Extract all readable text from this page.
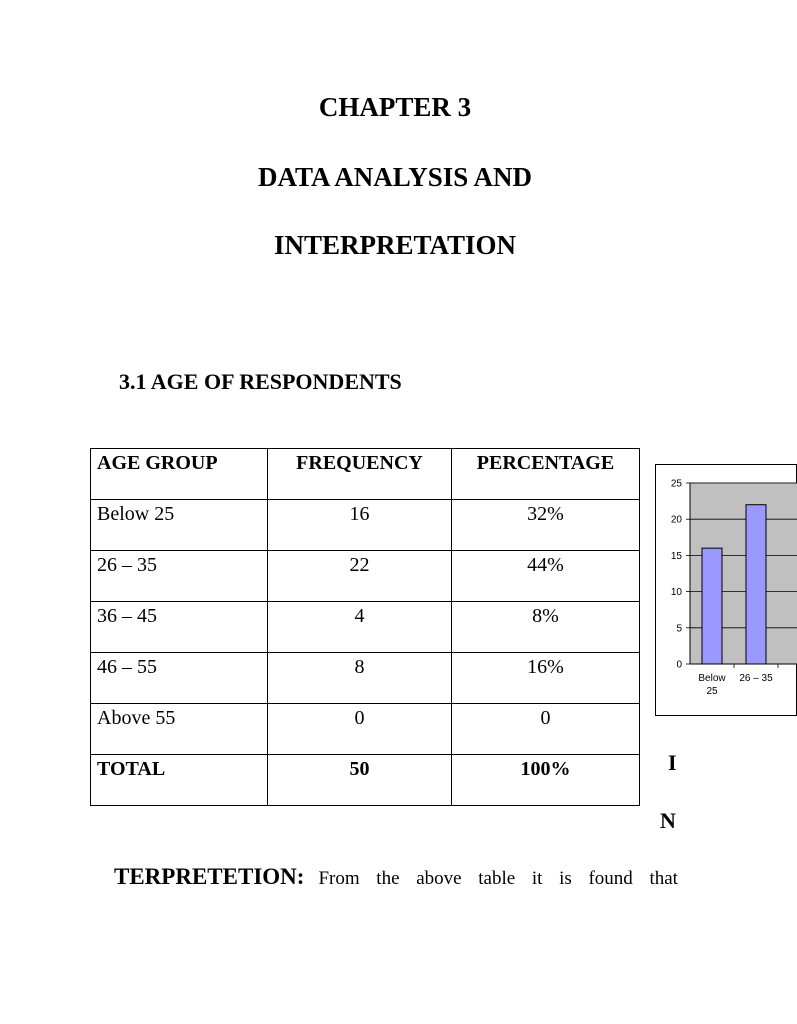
CHAPTER 3
DATA ANALYSIS AND
INTERPRETATION
3.1 AGE OF RESPONDENTS
AGE GROUP	FREQUENCY	PERCENTAGE
Below 25	16	32%
26 – 35	22	44%
36 – 45	4	8%
46 – 55	8	16%
Above 55	0	0
TOTAL	50	100%
25
20
15
10
5
0
Below 25
26 – 35
I
N
TERPRETETION: From the above table it is found that
